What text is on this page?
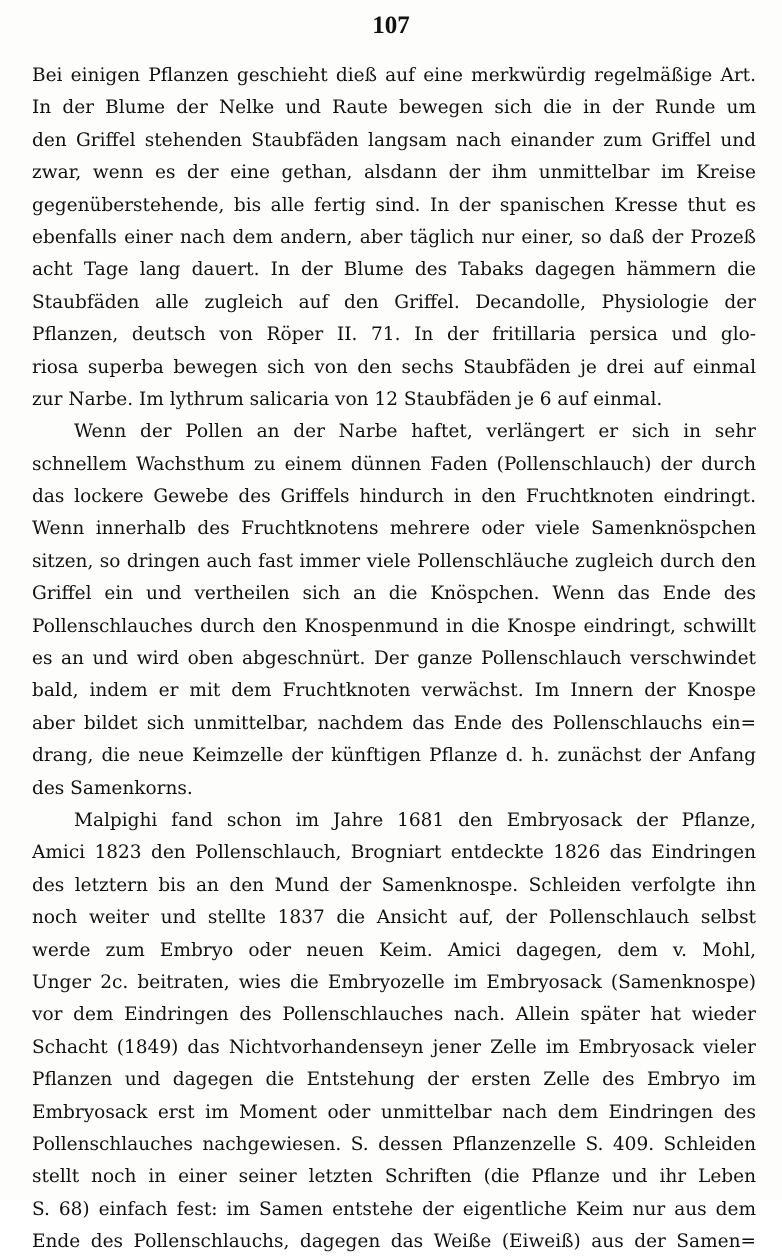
107
Bei einigen Pflanzen geschieht dieß auf eine merkwürdig regelmäßige Art.
In der Blume der Nelke und Raute bewegen sich die in der Runde um
den Griffel stehenden Staubfäden langsam nach einander zum Griffel und
zwar, wenn es der eine gethan, alsdann der ihm unmittelbar im Kreise
gegenüberstehende, bis alle fertig sind. In der spanischen Kresse thut es
ebenfalls einer nach dem andern, aber täglich nur einer, so daß der Prozeß
acht Tage lang dauert. In der Blume des Tabaks dagegen hämmern die
Staubfäden alle zugleich auf den Griffel. Decandolle, Physiologie der
Pflanzen, deutsch von Röper II. 71. In der fritillaria persica und glo-
riosa superba bewegen sich von den sechs Staubfäden je drei auf einmal
zur Narbe. Im lythrum salicaria von 12 Staubfäden je 6 auf einmal.
Wenn der Pollen an der Narbe haftet, verlängert er sich in sehr
schnellem Wachsthum zu einem dünnen Faden (Pollenschlauch) der durch
das lockere Gewebe des Griffels hindurch in den Fruchtknoten eindringt.
Wenn innerhalb des Fruchtknotens mehrere oder viele Samenknöspchen
sitzen, so dringen auch fast immer viele Pollenschläuche zugleich durch den
Griffel ein und vertheilen sich an die Knöspchen. Wenn das Ende des
Pollenschlauches durch den Knospenmund in die Knospe eindringt, schwillt
es an und wird oben abgeschnürt. Der ganze Pollenschlauch verschwindet
bald, indem er mit dem Fruchtknoten verwächst. Im Innern der Knospe
aber bildet sich unmittelbar, nachdem das Ende des Pollenschlauchs ein=
drang, die neue Keimzelle der künftigen Pflanze d. h. zunächst der Anfang
des Samenkorns.
Malpighi fand schon im Jahre 1681 den Embryosack der Pflanze,
Amici 1823 den Pollenschlauch, Brogniart entdeckte 1826 das Eindringen
des letztern bis an den Mund der Samenknospe. Schleiden verfolgte ihn
noch weiter und stellte 1837 die Ansicht auf, der Pollenschlauch selbst
werde zum Embryo oder neuen Keim. Amici dagegen, dem v. Mohl,
Unger 2c. beitraten, wies die Embryozelle im Embryosack (Samenknospe)
vor dem Eindringen des Pollenschlauches nach. Allein später hat wieder
Schacht (1849) das Nichtvorhandenseyn jener Zelle im Embryosack vieler
Pflanzen und dagegen die Entstehung der ersten Zelle des Embryo im
Embryosack erst im Moment oder unmittelbar nach dem Eindringen des
Pollenschlauches nachgewiesen. S. dessen Pflanzenzelle S. 409. Schleiden
stellt noch in einer seiner letzten Schriften (die Pflanze und ihr Leben
S. 68) einfach fest: im Samen entstehe der eigentliche Keim nur aus dem
Ende des Pollenschlauchs, dagegen das Weiße (Eiweiß) aus der Samen=
